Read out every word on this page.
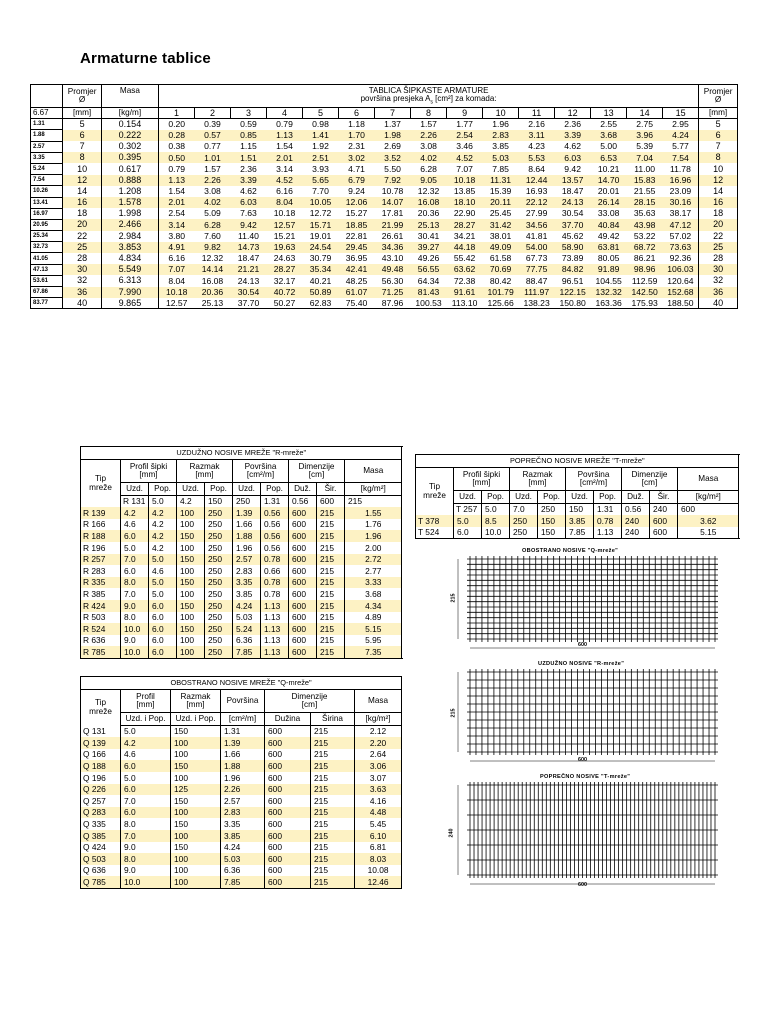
Armaturne tablice
	Promjer
Ø	Masa	TABLICA ŠIPKASTE ARMATURE
površina presjeka $A_s$ [cm²] za komada:															Promjer
Ø
6.67	[mm]	[kg/m]	1	2	3	4	5	6	7	8	9	10	11	12	13	14	15	[mm]
1.31	5	0.154	0.20	0.39	0.59	0.79	0.98	1.18	1.37	1.57	1.77	1.96	2.16	2.36	2.55	2.75	2.95	5
1.88	6	0.222	0.28	0.57	0.85	1.13	1.41	1.70	1.98	2.26	2.54	2.83	3.11	3.39	3.68	3.96	4.24	6
2.57	7	0.302	0.38	0.77	1.15	1.54	1.92	2.31	2.69	3.08	3.46	3.85	4.23	4.62	5.00	5.39	5.77	7
3.35	8	0.395	0.50	1.01	1.51	2.01	2.51	3.02	3.52	4.02	4.52	5.03	5.53	6.03	6.53	7.04	7.54	8
5.24	10	0.617	0.79	1.57	2.36	3.14	3.93	4.71	5.50	6.28	7.07	7.85	8.64	9.42	10.21	11.00	11.78	10
7.54	12	0.888	1.13	2.26	3.39	4.52	5.65	6.79	7.92	9.05	10.18	11.31	12.44	13.57	14.70	15.83	16.96	12
10.26	14	1.208	1.54	3.08	4.62	6.16	7.70	9.24	10.78	12.32	13.85	15.39	16.93	18.47	20.01	21.55	23.09	14
13.41	16	1.578	2.01	4.02	6.03	8.04	10.05	12.06	14.07	16.08	18.10	20.11	22.12	24.13	26.14	28.15	30.16	16
16.97	18	1.998	2.54	5.09	7.63	10.18	12.72	15.27	17.81	20.36	22.90	25.45	27.99	30.54	33.08	35.63	38.17	18
20.95	20	2.466	3.14	6.28	9.42	12.57	15.71	18.85	21.99	25.13	28.27	31.42	34.56	37.70	40.84	43.98	47.12	20
25.34	22	2.984	3.80	7.60	11.40	15.21	19.01	22.81	26.61	30.41	34.21	38.01	41.81	45.62	49.42	53.22	57.02	22
32.73	25	3.853	4.91	9.82	14.73	19.63	24.54	29.45	34.36	39.27	44.18	49.09	54.00	58.90	63.81	68.72	73.63	25
41.05	28	4.834	6.16	12.32	18.47	24.63	30.79	36.95	43.10	49.26	55.42	61.58	67.73	73.89	80.05	86.21	92.36	28
47.13	30	5.549	7.07	14.14	21.21	28.27	35.34	42.41	49.48	56.55	63.62	70.69	77.75	84.82	91.89	98.96	106.03	30
53.61	32	6.313	8.04	16.08	24.13	32.17	40.21	48.25	56.30	64.34	72.38	80.42	88.47	96.51	104.55	112.59	120.64	32
67.86	36	7.990	10.18	20.36	30.54	40.72	50.89	61.07	71.25	81.43	91.61	101.79	111.97	122.15	132.32	142.50	152.68	36
83.77	40	9.865	12.57	25.13	37.70	50.27	62.83	75.40	87.96	100.53	113.10	125.66	138.23	150.80	163.36	175.93	188.50	40
UZDUŽNO NOSIVE MREŽE "R-mreže"										
Tip
mreže	Profil šipki
[mm]		Razmak
[mm]		Površina
[cm²/m]		Dimenzije
[cm]		Masa	
	Uzd.	Pop.	Uzd.	Pop.	Uzd.	Pop.	Duž.	Šir.	[kg/m²]	
	R 131	5.0	4.2	150	250	1.31	0.56	600	215	
R 139	4.2	4.2	100	250	1.39	0.56	600	215	1.55	
R 166	4.6	4.2	100	250	1.66	0.56	600	215	1.76	
R 188	6.0	4.2	150	250	1.88	0.56	600	215	1.96	
R 196	5.0	4.2	100	250	1.96	0.56	600	215	2.00	
R 257	7.0	5.0	150	250	2.57	0.78	600	215	2.72	
R 283	6.0	4.6	100	250	2.83	0.66	600	215	2.77	
R 335	8.0	5.0	150	250	3.35	0.78	600	215	3.33	
R 385	7.0	5.0	100	250	3.85	0.78	600	215	3.68	
R 424	9.0	6.0	150	250	4.24	1.13	600	215	4.34	
R 503	8.0	6.0	100	250	5.03	1.13	600	215	4.89	
R 524	10.0	6.0	150	250	5.24	1.13	600	215	5.15	
R 636	9.0	6.0	100	250	6.36	1.13	600	215	5.95	
R 785	10.0	6.0	100	250	7.85	1.13	600	215	7.35	
OBOSTRANO NOSIVE MREŽE "Q-mreže"						
Tip
mreže	Profil
[mm]	Razmak
[mm]	Površina	Dimenzije
[cm]		Masa
	Uzd. i Pop.	Uzd. i Pop.	[cm²/m]	Dužina	Širina	[kg/m²]
Q 131	5.0	150	1.31	600	215	2.12
Q 139	4.2	100	1.39	600	215	2.20
Q 166	4.6	100	1.66	600	215	2.64
Q 188	6.0	150	1.88	600	215	3.06
Q 196	5.0	100	1.96	600	215	3.07
Q 226	6.0	125	2.26	600	215	3.63
Q 257	7.0	150	2.57	600	215	4.16
Q 283	6.0	100	2.83	600	215	4.48
Q 335	8.0	150	3.35	600	215	5.45
Q 385	7.0	100	3.85	600	215	6.10
Q 424	9.0	150	4.24	600	215	6.81
Q 503	8.0	100	5.03	600	215	8.03
Q 636	9.0	100	6.36	600	215	10.08
Q 785	10.0	100	7.85	600	215	12.46
POPREČNO NOSIVE MREŽE "T-mreže"										
Tip
mreže	Profil šipki
[mm]		Razmak
[mm]		Površina
[cm²/m]		Dimenzije
[cm]		Masa	
	Uzd.	Pop.	Uzd.	Pop.	Uzd.	Pop.	Duž.	Šir.	[kg/m²]	
	T 257	5.0	7.0	250	150	1.31	0.56	240	600	
T 378	5.0	8.5	250	150	3.85	0.78	240	600	3.62	
T 524	6.0	10.0	250	150	7.85	1.13	240	600	5.15	
OBOSTRANO NOSIVE "Q-mreže"
215
600
UZDUŽNO NOSIVE "R-mreže"
215
600
POPREČNO NOSIVE "T-mreže"
240
600
